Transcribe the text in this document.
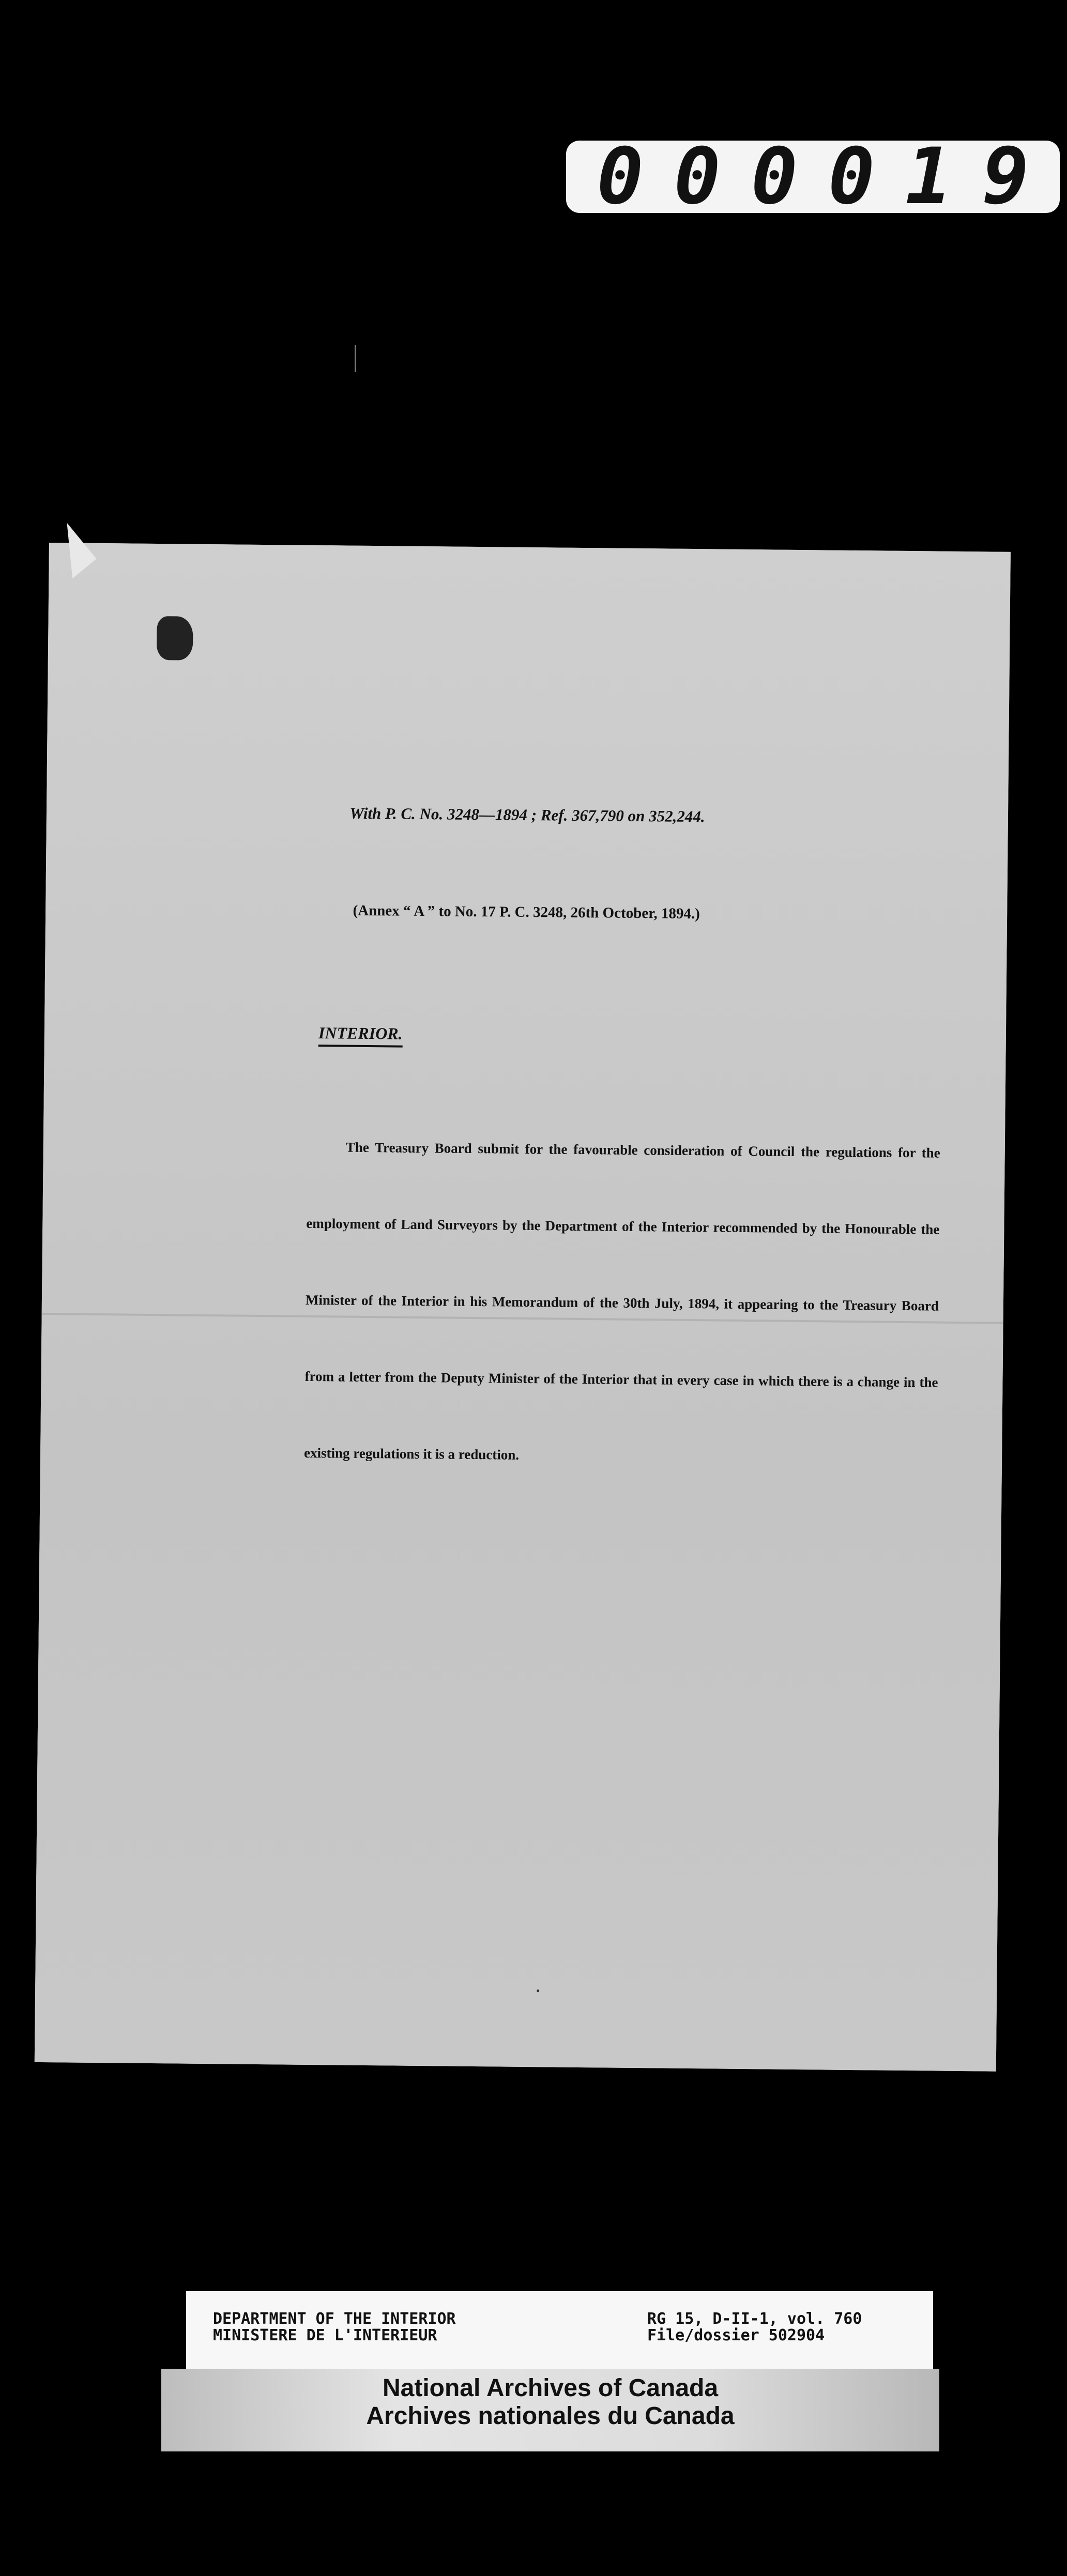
0 0 0 0 1 9
With P. C. No. 3248—1894 ; Ref. 367,790 on 352,244.
(Annex “ A ” to No. 17 P. C. 3248, 26th October, 1894.)
INTERIOR.
The Treasury Board submit for the favourable consideration of Council the regulations for the employment of Land Surveyors by the Department of the Interior recommended by the Honourable the Minister of the Interior in his Memorandum of the 30th July, 1894, it appearing to the Treasury Board from a letter from the Deputy Minister of the Interior that in every case in which there is a change in the existing regulations it is a reduction.
DEPARTMENT OF THE INTERIOR
MINISTERE DE L'INTERIEUR
RG 15, D-II-1, vol. 760
File/dossier 502904
National Archives of Canada
Archives nationales du Canada
